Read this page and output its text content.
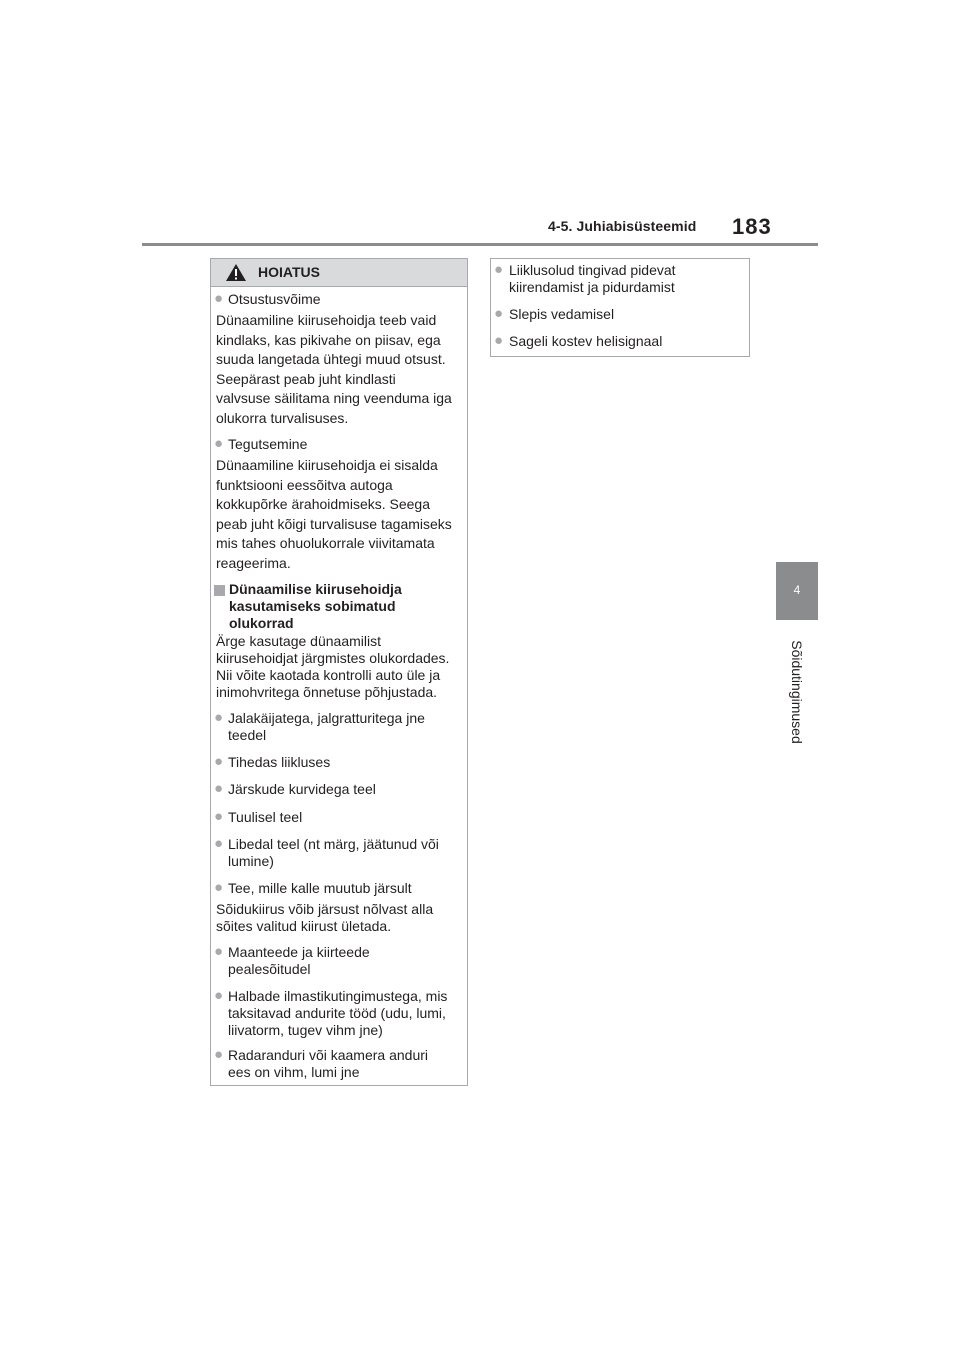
4-5. Juhiabisüsteemid 183
4
Sõidutingimused
HOIATUS
● Otsustusvõime
Dünaamiline kiirusehoidja teeb vaid
kindlaks, kas pikivahe on piisav, ega
suuda langetada ühtegi muud otsust.
Seepärast peab juht kindlasti
valvsuse säilitama ning veenduma iga
olukorra turvalisuses.
● Tegutsemine
Dünaamiline kiirusehoidja ei sisalda
funktsiooni eessõitva autoga
kokkupõrke ärahoidmiseks. Seega
peab juht kõigi turvalisuse tagamiseks
mis tahes ohuolukorrale viivitamata
reageerima.
Dünaamilise kiirusehoidja
kasutamiseks sobimatud
olukorrad
Ärge kasutage dünaamilist
kiirusehoidjat järgmistes olukordades.
Nii võite kaotada kontrolli auto üle ja
inimohvritega õnnetuse põhjustada.
● Jalakäijatega, jalgratturitega jne
teedel
● Tihedas liikluses
● Järskude kurvidega teel
● Tuulisel teel
● Libedal teel (nt märg, jäätunud või
lumine)
● Tee, mille kalle muutub järsult
Sõidukiirus võib järsust nõlvast alla
sõites valitud kiirust ületada.
● Maanteede ja kiirteede
pealesõitudel
● Halbade ilmastikutingimustega, mis
taksitavad andurite tööd (udu, lumi,
liivatorm, tugev vihm jne)
● Radaranduri või kaamera anduri
ees on vihm, lumi jne
● Liiklusolud tingivad pidevat
kiirendamist ja pidurdamist
● Slepis vedamisel
● Sageli kostev helisignaal
